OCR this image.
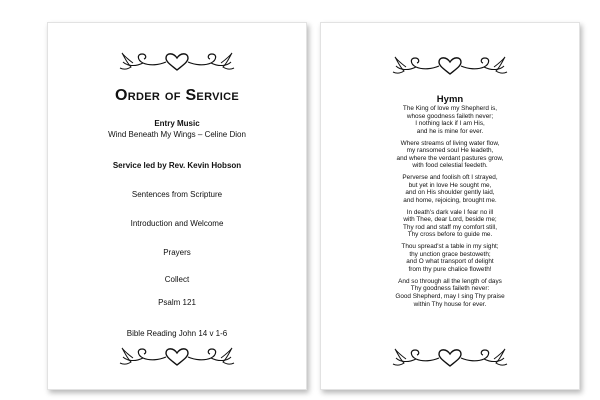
Order of Service
Entry Music
Wind Beneath My Wings – Celine Dion
Service led by Rev. Kevin Hobson
Sentences from Scripture
Introduction and Welcome
Prayers
Collect
Psalm 121
Bible Reading John 14 v 1-6
Hymn
The King of love my Shepherd is,
whose goodness faileth never;
I nothing lack if I am His,
and he is mine for ever.
Where streams of living water flow,
my ransomed soul He leadeth,
and where the verdant pastures grow,
with food celestial feedeth.
Perverse and foolish oft I strayed,
but yet in love He sought me,
and on His shoulder gently laid,
and home, rejoicing, brought me.
In death's dark vale I fear no ill
with Thee, dear Lord, beside me;
Thy rod and staff my comfort still,
Thy cross before to guide me.
Thou spread'st a table in my sight;
thy unction grace bestoweth;
and O what transport of delight
from thy pure chalice floweth!
And so through all the length of days
Thy goodness faileth never:
Good Shepherd, may I sing Thy praise
within Thy house for ever.
